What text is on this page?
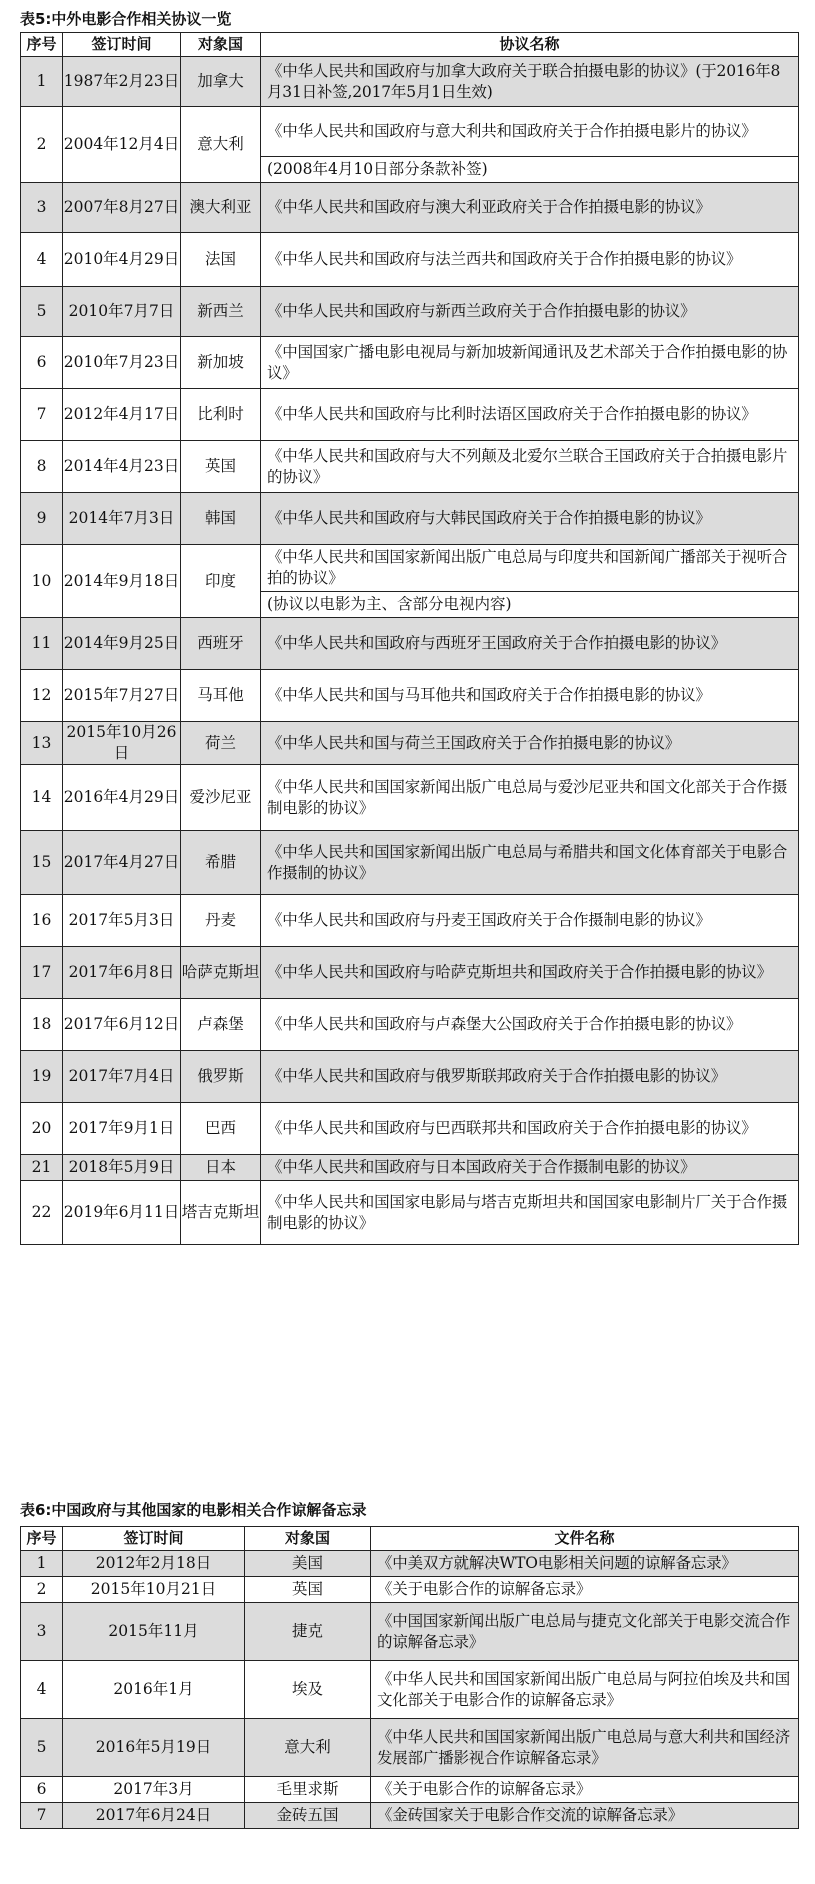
表5:中外电影合作相关协议一览
序号	签订时间	对象国	协议名称
1	1987年2月23日	加拿大	《中华人民共和国政府与加拿大政府关于联合拍摄电影的协议》(于2016年8月31日补签,2017年5月1日生效)
2	2004年12月4日	意大利	《中华人民共和国政府与意大利共和国政府关于合作拍摄电影片的协议》
			(2008年4月10日部分条款补签)
3	2007年8月27日	澳大利亚	《中华人民共和国政府与澳大利亚政府关于合作拍摄电影的协议》
4	2010年4月29日	法国	《中华人民共和国政府与法兰西共和国政府关于合作拍摄电影的协议》
5	2010年7月7日	新西兰	《中华人民共和国政府与新西兰政府关于合作拍摄电影的协议》
6	2010年7月23日	新加坡	《中国国家广播电影电视局与新加坡新闻通讯及艺术部关于合作拍摄电影的协议》
7	2012年4月17日	比利时	《中华人民共和国政府与比利时法语区国政府关于合作拍摄电影的协议》
8	2014年4月23日	英国	《中华人民共和国政府与大不列颠及北爱尔兰联合王国政府关于合拍摄电影片的协议》
9	2014年7月3日	韩国	《中华人民共和国政府与大韩民国政府关于合作拍摄电影的协议》
10	2014年9月18日	印度	《中华人民共和国国家新闻出版广电总局与印度共和国新闻广播部关于视听合拍的协议》
			(协议以电影为主、含部分电视内容)
11	2014年9月25日	西班牙	《中华人民共和国政府与西班牙王国政府关于合作拍摄电影的协议》
12	2015年7月27日	马耳他	《中华人民共和国与马耳他共和国政府关于合作拍摄电影的协议》
13	2015年10月26日	荷兰	《中华人民共和国与荷兰王国政府关于合作拍摄电影的协议》
14	2016年4月29日	爱沙尼亚	《中华人民共和国国家新闻出版广电总局与爱沙尼亚共和国文化部关于合作摄制电影的协议》
15	2017年4月27日	希腊	《中华人民共和国国家新闻出版广电总局与希腊共和国文化体育部关于电影合作摄制的协议》
16	2017年5月3日	丹麦	《中华人民共和国政府与丹麦王国政府关于合作摄制电影的协议》
17	2017年6月8日	哈萨克斯坦	《中华人民共和国政府与哈萨克斯坦共和国政府关于合作拍摄电影的协议》
18	2017年6月12日	卢森堡	《中华人民共和国政府与卢森堡大公国政府关于合作拍摄电影的协议》
19	2017年7月4日	俄罗斯	《中华人民共和国政府与俄罗斯联邦政府关于合作拍摄电影的协议》
20	2017年9月1日	巴西	《中华人民共和国政府与巴西联邦共和国政府关于合作拍摄电影的协议》
21	2018年5月9日	日本	《中华人民共和国政府与日本国政府关于合作摄制电影的协议》
22	2019年6月11日	塔吉克斯坦	《中华人民共和国国家电影局与塔吉克斯坦共和国国家电影制片厂关于合作摄制电影的协议》
表6:中国政府与其他国家的电影相关合作谅解备忘录
序号	签订时间	对象国	文件名称
1	2012年2月18日	美国	《中美双方就解决WTO电影相关问题的谅解备忘录》
2	2015年10月21日	英国	《关于电影合作的谅解备忘录》
3	2015年11月	捷克	《中国国家新闻出版广电总局与捷克文化部关于电影交流合作的谅解备忘录》
4	2016年1月	埃及	《中华人民共和国国家新闻出版广电总局与阿拉伯埃及共和国文化部关于电影合作的谅解备忘录》
5	2016年5月19日	意大利	《中华人民共和国国家新闻出版广电总局与意大利共和国经济发展部广播影视合作谅解备忘录》
6	2017年3月	毛里求斯	《关于电影合作的谅解备忘录》
7	2017年6月24日	金砖五国	《金砖国家关于电影合作交流的谅解备忘录》
